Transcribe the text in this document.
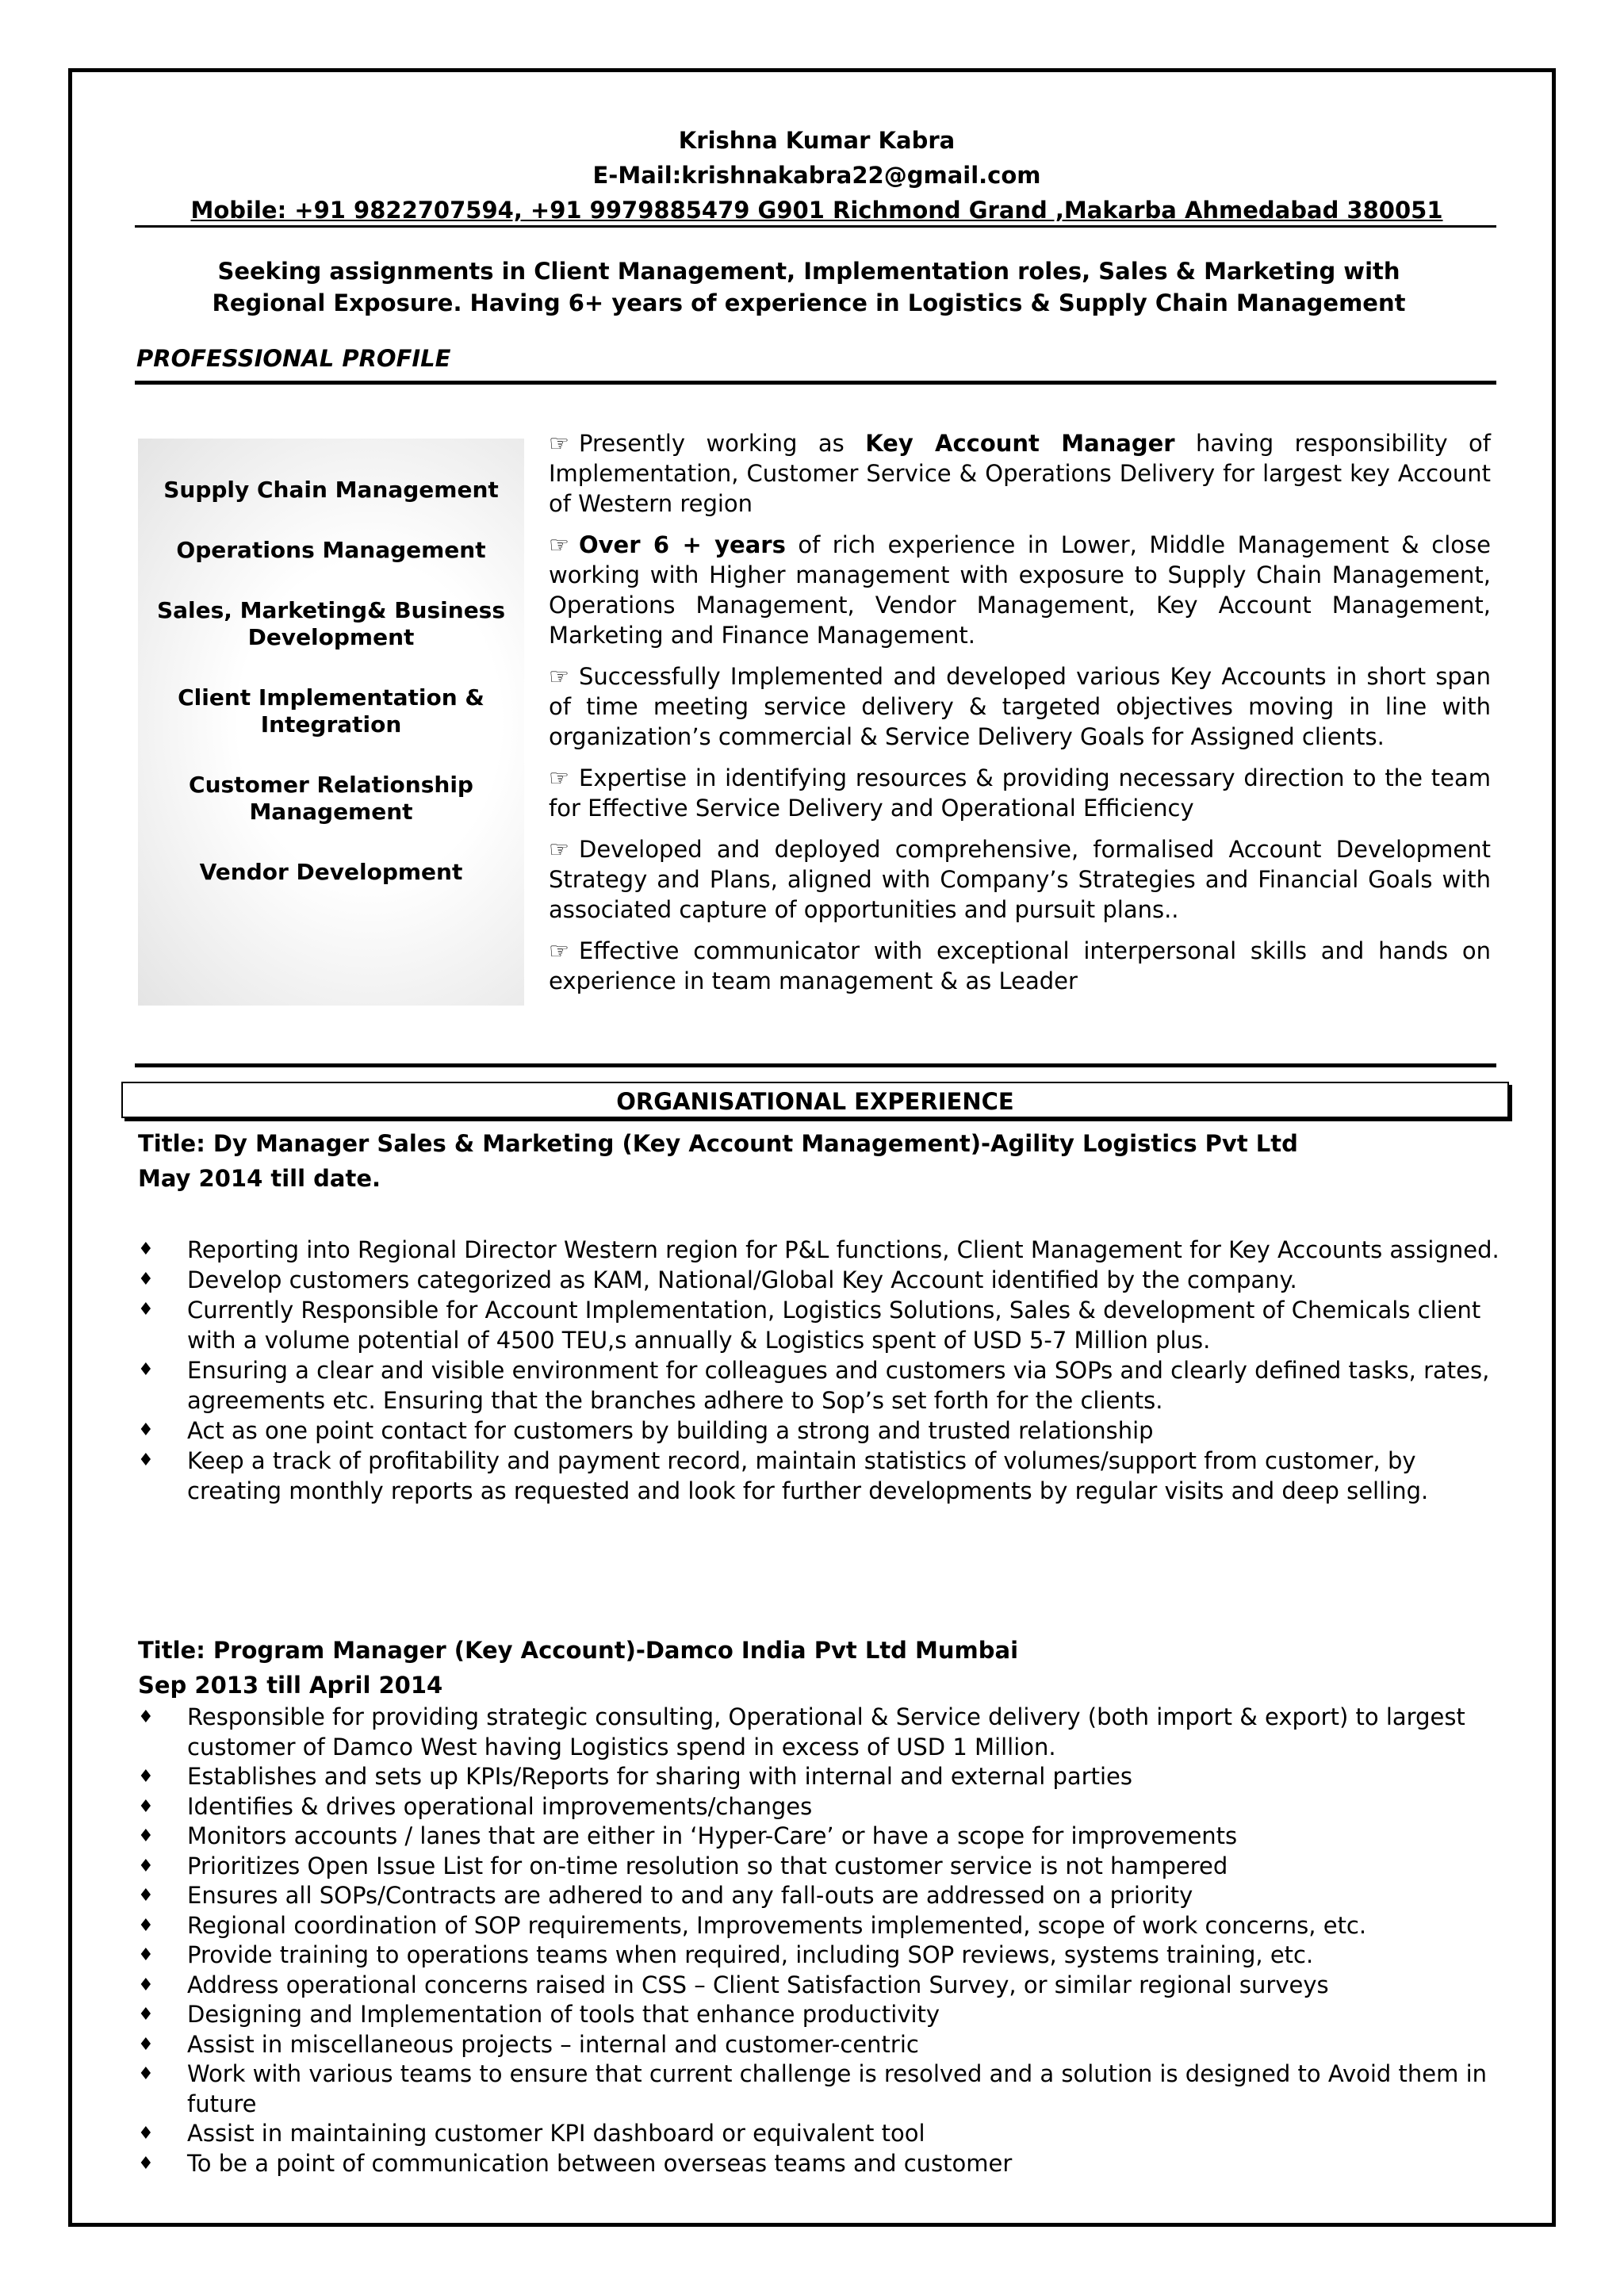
Krishna Kumar Kabra
E-Mail:krishnakabra22@gmail.com
Mobile: +91 9822707594, +91 9979885479 G901 Richmond Grand ,Makarba Ahmedabad 380051
Seeking assignments in Client Management, Implementation roles, Sales & Marketing with
Regional Exposure. Having 6+ years of experience in Logistics & Supply Chain Management
PROFESSIONAL PROFILE
Supply Chain Management
Operations Management
Sales, Marketing& Business Development
Client Implementation & Integration
Customer Relationship Management
Vendor Development
☞ Presently working as Key Account Manager having responsibility of Implementation, Customer Service & Operations Delivery for largest key Account of Western region
☞ Over 6 + years of rich experience in Lower, Middle Management & close working with Higher management with exposure to Supply Chain Management, Operations Management, Vendor Management, Key Account Management, Marketing and Finance Management.
☞ Successfully Implemented and developed various Key Accounts in short span of time meeting service delivery & targeted objectives moving in line with organization’s commercial & Service Delivery Goals for Assigned clients.
☞ Expertise in identifying resources & providing necessary direction to the team for Effective Service Delivery and Operational Efficiency
☞ Developed and deployed comprehensive, formalised Account Development Strategy and Plans, aligned with Company’s Strategies and Financial Goals with associated capture of opportunities and pursuit plans..
☞ Effective communicator with exceptional interpersonal skills and hands on experience in team management & as Leader
ORGANISATIONAL EXPERIENCE
Title: Dy Manager Sales & Marketing (Key Account Management)-Agility Logistics Pvt Ltd
May 2014 till date.
♦	Reporting into Regional Director Western region for P&L functions, Client Management for Key Accounts assigned.
♦	Develop customers categorized as KAM, National/Global Key Account identified by the company.
♦	Currently Responsible for Account Implementation, Logistics Solutions, Sales & development of Chemicals client with a volume potential of 4500 TEU,s annually & Logistics spent of USD 5-7 Million plus.
♦	Ensuring a clear and visible environment for colleagues and customers via SOPs and clearly defined tasks, rates, agreements etc. Ensuring that the branches adhere to Sop’s set forth for the clients.
♦	Act as one point contact for customers by building a strong and trusted relationship
♦	Keep a track of profitability and payment record, maintain statistics of volumes/support from customer, by creating monthly reports as requested and look for further developments by regular visits and deep selling.
Title: Program Manager (Key Account)-Damco India Pvt Ltd Mumbai
Sep 2013 till April 2014
♦	Responsible for providing strategic consulting, Operational & Service delivery (both import & export) to largest customer of Damco West having Logistics spend in excess of USD 1 Million.
♦	Establishes and sets up KPIs/Reports for sharing with internal and external parties
♦	Identifies & drives operational improvements/changes
♦	Monitors accounts / lanes that are either in ‘Hyper-Care’ or have a scope for improvements
♦	Prioritizes Open Issue List for on-time resolution so that customer service is not hampered
♦	Ensures all SOPs/Contracts are adhered to and any fall-outs are addressed on a priority
♦	Regional coordination of SOP requirements, Improvements implemented, scope of work concerns, etc.
♦	Provide training to operations teams when required, including SOP reviews, systems training, etc.
♦	Address operational concerns raised in CSS – Client Satisfaction Survey, or similar regional surveys
♦	Designing and Implementation of tools that enhance productivity
♦	Assist in miscellaneous projects – internal and customer-centric
♦	Work with various teams to ensure that current challenge is resolved and a solution is designed to Avoid them in future
♦	Assist in maintaining customer KPI dashboard or equivalent tool
♦	To be a point of communication between overseas teams and customer
